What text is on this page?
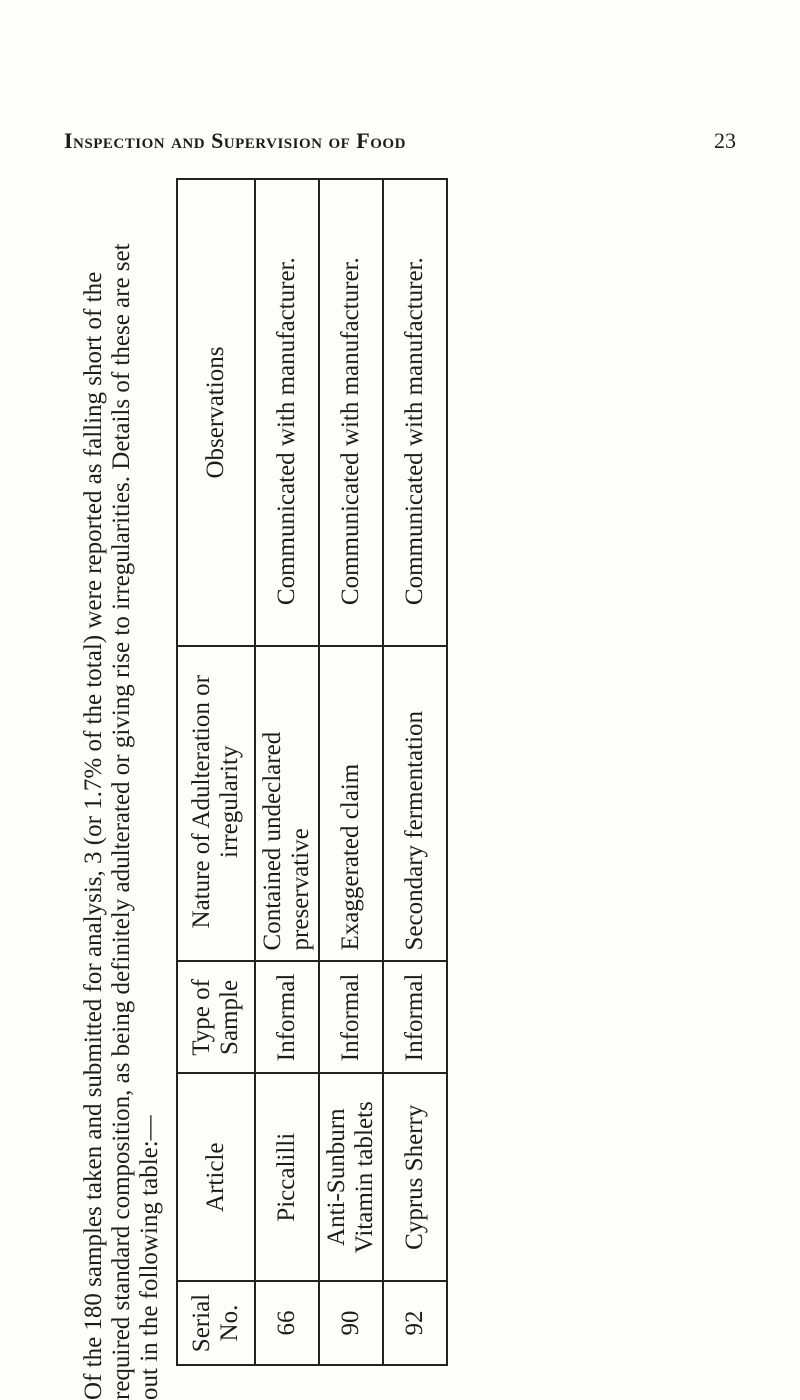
Inspection and Supervision of Food	23
Of the 180 samples taken and submitted for analysis, 3 (or 1.7% of the total) were reported as falling short of the required standard composition, as being definitely adulterated or giving rise to irregularities. Details of these are set out in the following table:— Serial No.	Article	Type of Sample	Nature of Adulteration or irregularity	Observations
66	Piccalilli	Informal	Contained undeclared preservative	Communicated with manufacturer.
90	Anti-Sunburn Vitamin tablets	Informal	Exaggerated claim	Communicated with manufacturer.
92	Cyprus Sherry	Informal	Secondary fermentation	Communicated with manufacturer.
